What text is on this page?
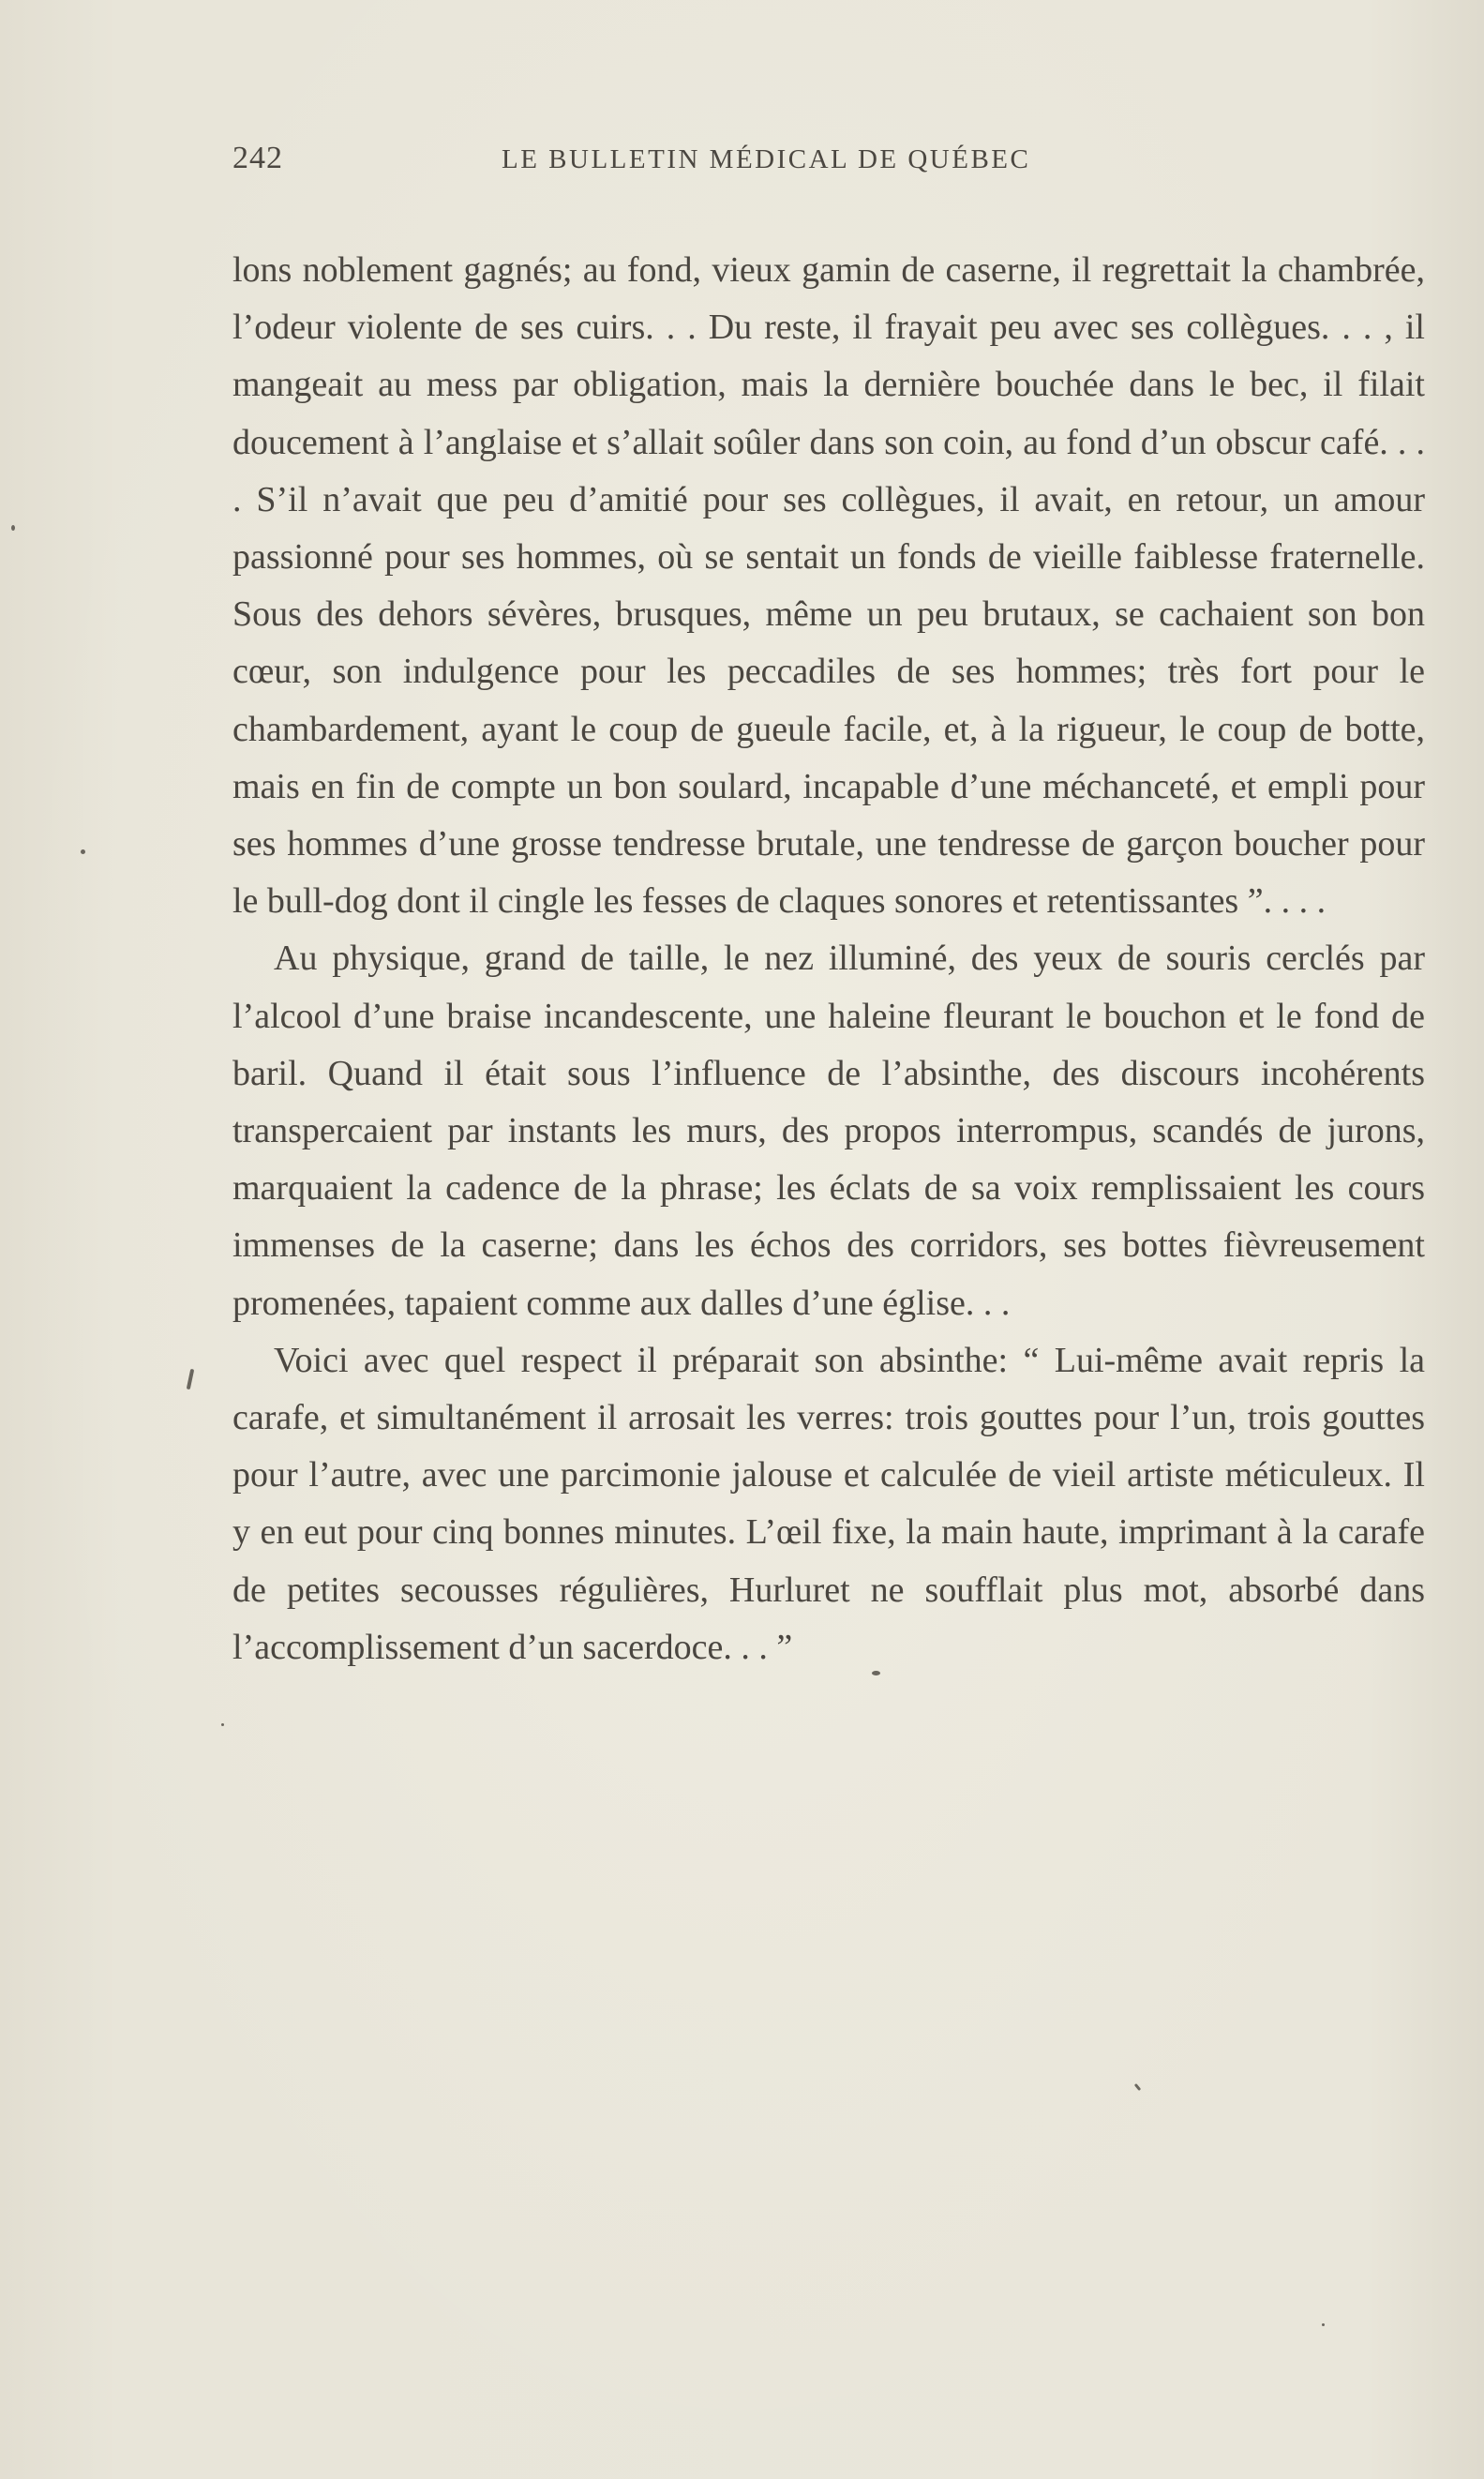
242	LE BULLETIN MÉDICAL DE QUÉBEC

lons noblement gagnés; au fond, vieux gamin de caserne, il regrettait la chambrée, l’odeur violente de ses cuirs. . . Du reste, il frayait peu avec ses collègues. . . , il mangeait au mess par obligation, mais la dernière bouchée dans le bec, il filait doucement à l’anglaise et s’allait soûler dans son coin, au fond d’un obscur café. . . . S’il n’avait que peu d’amitié pour ses collègues, il avait, en retour, un amour passionné pour ses hommes, où se sentait un fonds de vieille faiblesse fraternelle. Sous des dehors sévères, brusques, même un peu brutaux, se cachaient son bon cœur, son indulgence pour les peccadiles de ses hommes; très fort pour le chambardement, ayant le coup de gueule facile, et, à la rigueur, le coup de botte, mais en fin de compte un bon soulard, incapable d’une méchanceté, et empli pour ses hommes d’une grosse tendresse brutale, une tendresse de garçon boucher pour le bull-dog dont il cingle les fesses de claques sonores et retentissantes ”. . . .

Au physique, grand de taille, le nez illuminé, des yeux de souris cerclés par l’alcool d’une braise incandescente, une haleine fleurant le bouchon et le fond de baril. Quand il était sous l’influence de l’absinthe, des discours incohérents transpercaient par instants les murs, des propos interrompus, scandés de jurons, marquaient la cadence de la phrase; les éclats de sa voix remplissaient les cours immenses de la caserne; dans les échos des corridors, ses bottes fièvreusement promenées, tapaient comme aux dalles d’une église. . .

Voici avec quel respect il préparait son absinthe: “ Lui-même avait repris la carafe, et simultanément il arrosait les verres: trois gouttes pour l’un, trois gouttes pour l’autre, avec une parcimonie jalouse et calculée de vieil artiste méticuleux. Il y en eut pour cinq bonnes minutes. L’œil fixe, la main haute, imprimant à la carafe de petites secousses régulières, Hurluret ne soufflait plus mot, absorbé dans l’accomplissement d’un sacerdoce. . . ”
